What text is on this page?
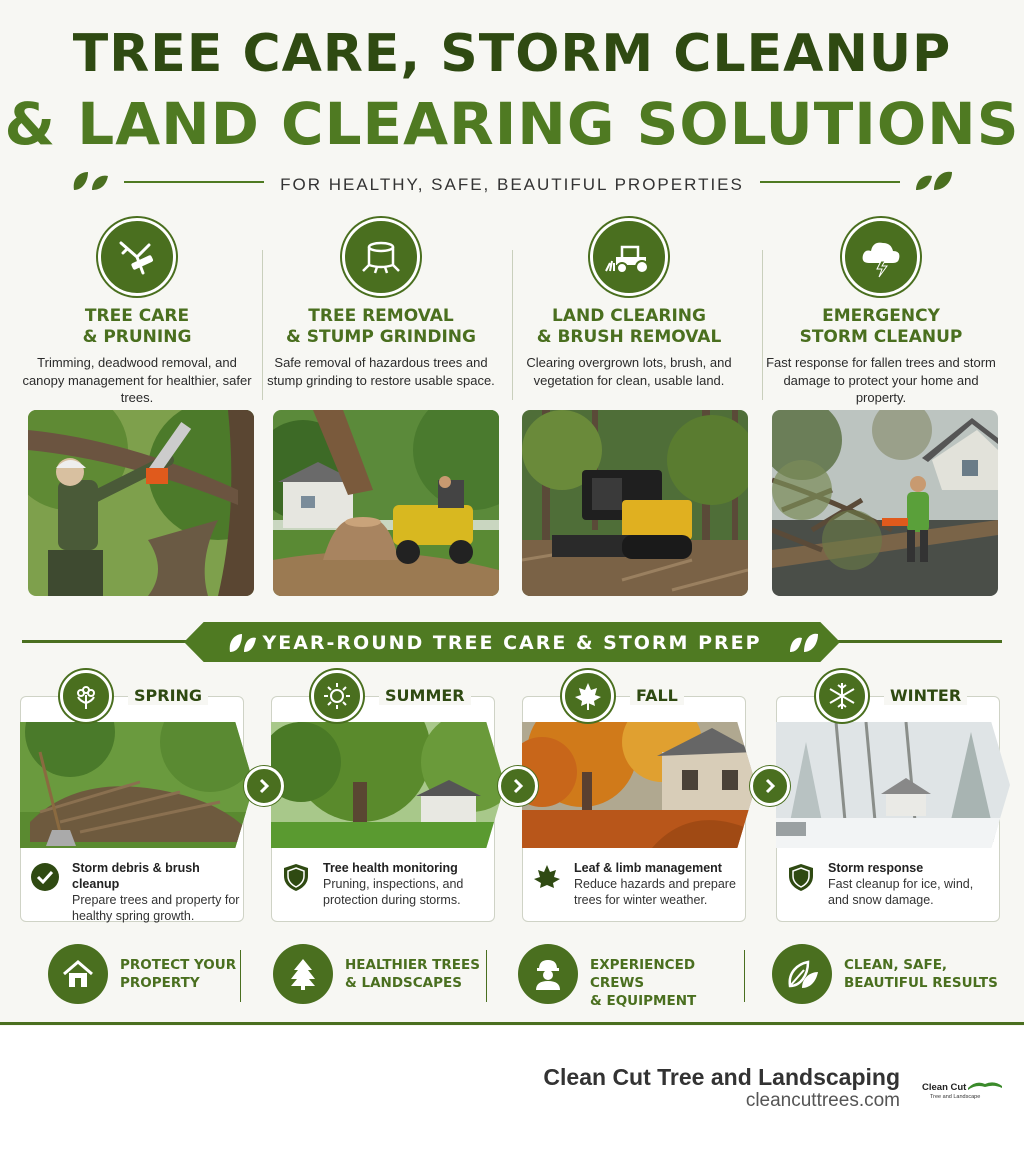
TREE CARE, STORM CLEANUP
& LAND CLEARING SOLUTIONS
FOR HEALTHY, SAFE, BEAUTIFUL PROPERTIES
TREE CARE
& PRUNING

Trimming, deadwood removal, and canopy management for healthier, safer trees.

TREE REMOVAL
& STUMP GRINDING

Safe removal of hazardous trees and stump grinding to restore usable space.

LAND CLEARING
& BRUSH REMOVAL

Clearing overgrown lots, brush, and vegetation for clean, usable land.

EMERGENCY
STORM CLEANUP

Fast response for fallen trees and storm damage to protect your home and property.

YEAR-ROUND TREE CARE & STORM PREP
SPRING
Storm debris & brush cleanup
Prepare trees and property for healthy spring growth.
SUMMER
Tree health monitoring
Pruning, inspections, and protection during storms.
FALL
Leaf & limb management
Reduce hazards and prepare trees for winter weather.
WINTER
Storm response
Fast cleanup for ice, wind, and snow damage.
PROTECT YOUR
PROPERTY
HEALTHIER TREES
& LANDSCAPES
EXPERIENCED CREWS
& EQUIPMENT
CLEAN, SAFE,
BEAUTIFUL RESULTS
Clean Cut Tree and Landscaping
cleancuttrees.com
Clean Cut
Tree and Landscape
